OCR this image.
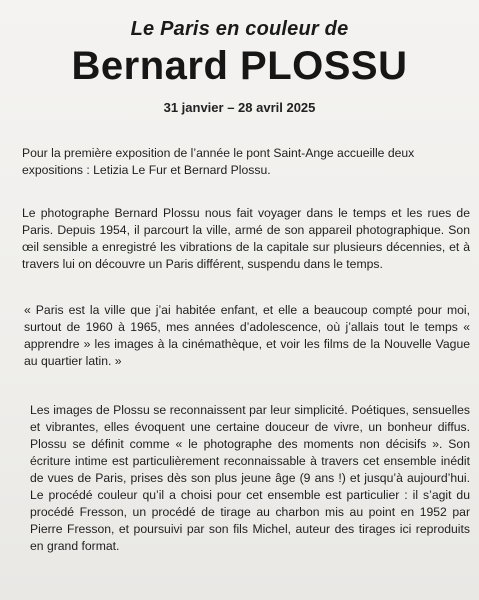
Le Paris en couleur de
Bernard PLOSSU
31 janvier – 28 avril 2025

Pour la première exposition de l’année le pont Saint-Ange accueille deux expositions : Letizia Le Fur et Bernard Plossu.

Le photographe Bernard Plossu nous fait voyager dans le temps et les rues de Paris. Depuis 1954, il parcourt la ville, armé de son appareil photographique. Son œil sensible a enregistré les vibrations de la capitale sur plusieurs décennies, et à travers lui on découvre un Paris différent, suspendu dans le temps.

« Paris est la ville que j’ai habitée enfant, et elle a beaucoup compté pour moi, surtout de 1960 à 1965, mes années d’adolescence, où j’allais tout le temps « apprendre » les images à la cinémathèque, et voir les films de la Nouvelle Vague au quartier latin. »

Les images de Plossu se reconnaissent par leur simplicité. Poétiques, sensuelles et vibrantes, elles évoquent une certaine douceur de vivre, un bonheur diffus. Plossu se définit comme « le photographe des moments non décisifs ». Son écriture intime est particulièrement reconnaissable à travers cet ensemble inédit de vues de Paris, prises dès son plus jeune âge (9 ans !) et jusqu’à aujourd’hui. Le procédé couleur qu’il a choisi pour cet ensemble est particulier : il s’agit du procédé Fresson, un procédé de tirage au charbon mis au point en 1952 par Pierre Fresson, et poursuivi par son fils Michel, auteur des tirages ici reproduits en grand format.
